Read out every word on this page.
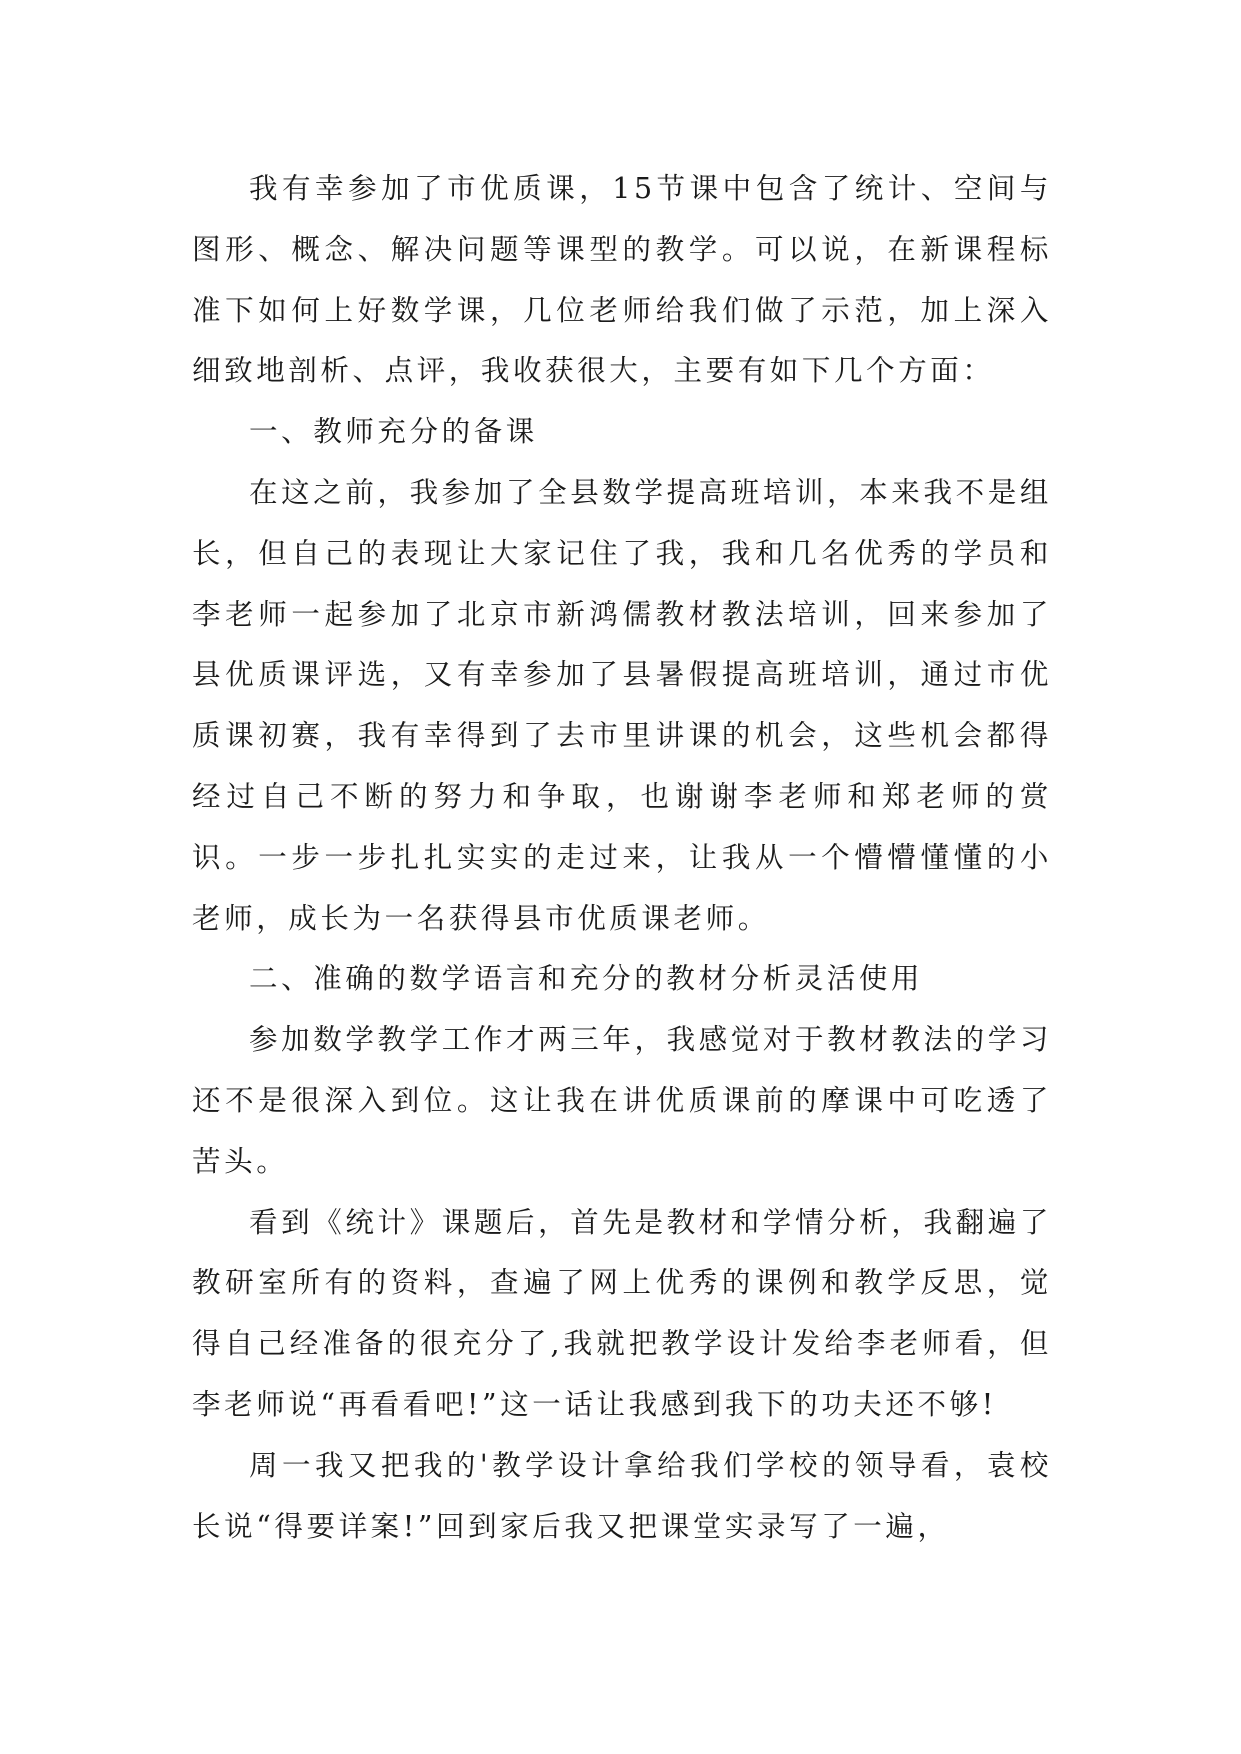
我有幸参加了市优质课，15节课中包含了统计、空间与图形、概念、解决问题等课型的教学。可以说，在新课程标准下如何上好数学课，几位老师给我们做了示范，加上深入细致地剖析、点评，我收获很大，主要有如下几个方面：

一、教师充分的备课

在这之前，我参加了全县数学提高班培训，本来我不是组长，但自己的表现让大家记住了我，我和几名优秀的学员和李老师一起参加了北京市新鸿儒教材教法培训，回来参加了县优质课评选，又有幸参加了县暑假提高班培训，通过市优质课初赛，我有幸得到了去市里讲课的机会，这些机会都得经过自己不断的努力和争取，也谢谢李老师和郑老师的赏识。一步一步扎扎实实的走过来，让我从一个懵懵懂懂的小老师，成长为一名获得县市优质课老师。

二、准确的数学语言和充分的教材分析灵活使用

参加数学教学工作才两三年，我感觉对于教材教法的学习还不是很深入到位。这让我在讲优质课前的摩课中可吃透了苦头。

看到《统计》课题后，首先是教材和学情分析，我翻遍了教研室所有的资料，查遍了网上优秀的课例和教学反思，觉得自己经准备的很充分了,我就把教学设计发给李老师看，但李老师说“再看看吧!”这一话让我感到我下的功夫还不够!

周一我又把我的'教学设计拿给我们学校的领导看，袁校长说“得要详案!”回到家后我又把课堂实录写了一遍，
